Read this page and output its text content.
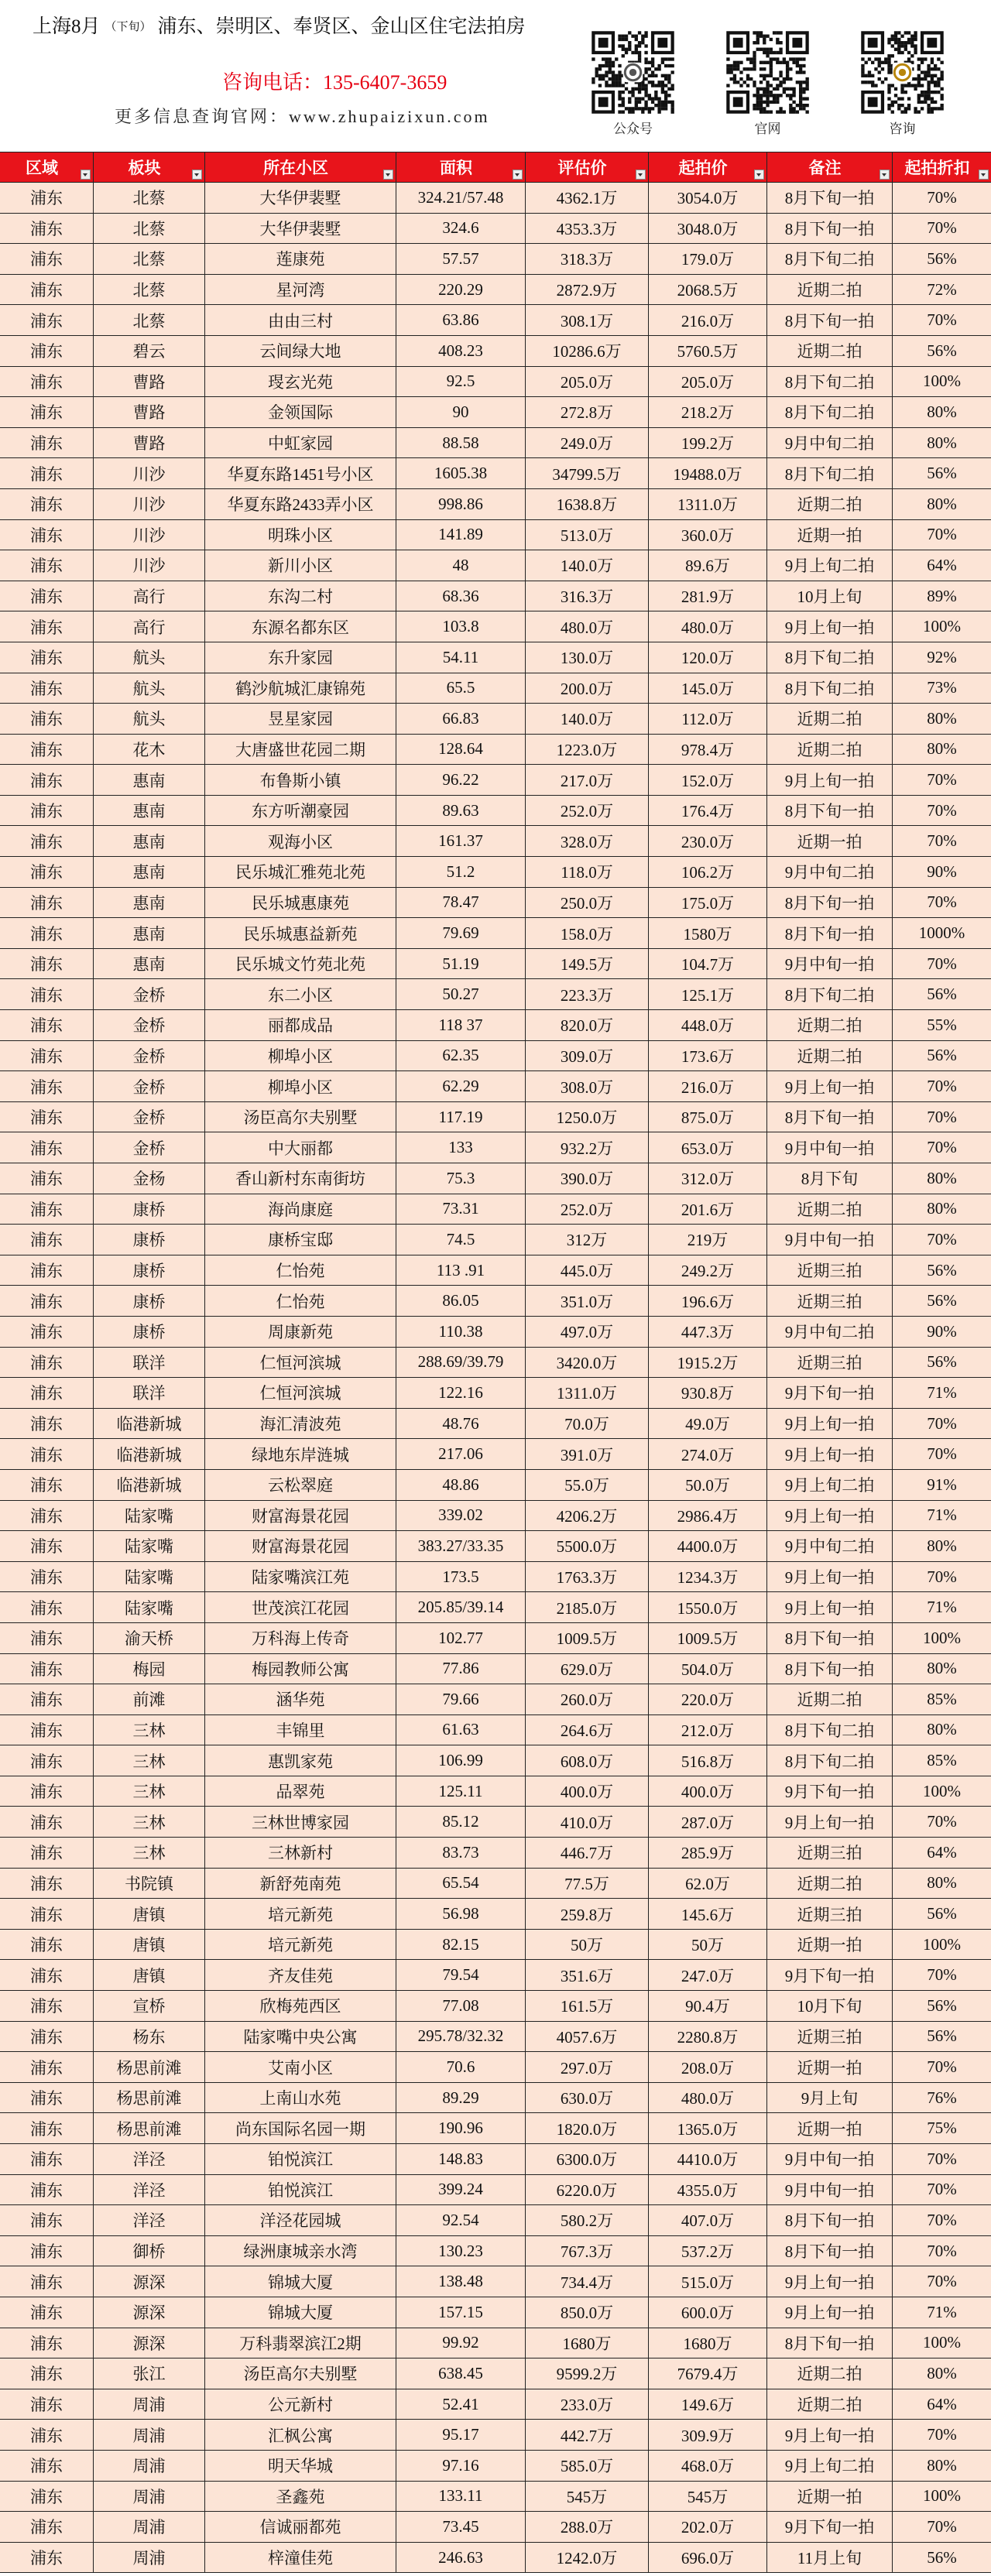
上海8月 （下旬） 浦东、崇明区、奉贤区、金山区住宅法拍房
咨询电话：135-6407-3659
更多信息查询官网：www.zhupaizixun.com
公众号	官网	咨询
区域	板块	所在小区	面积	评估价	起拍价	备注	起拍折扣
浦东	北蔡	大华伊裴墅	324.21/57.48	4362.1万	3054.0万	8月下旬一拍	70%
浦东	北蔡	大华伊裴墅	324.6	4353.3万	3048.0万	8月下旬一拍	70%
浦东	北蔡	莲康苑	57.57	318.3万	179.0万	8月下旬二拍	56%
浦东	北蔡	星河湾	220.29	2872.9万	2068.5万	近期二拍	72%
浦东	北蔡	由由三村	63.86	308.1万	216.0万	8月下旬一拍	70%
浦东	碧云	云间绿大地	408.23	10286.6万	5760.5万	近期二拍	56%
浦东	曹路	琝玄光苑	92.5	205.0万	205.0万	8月下旬二拍	100%
浦东	曹路	金领国际	90	272.8万	218.2万	8月下旬二拍	80%
浦东	曹路	中虹家园	88.58	249.0万	199.2万	9月中旬二拍	80%
浦东	川沙	华夏东路1451号小区	1605.38	34799.5万	19488.0万	8月下旬二拍	56%
浦东	川沙	华夏东路2433弄小区	998.86	1638.8万	1311.0万	近期二拍	80%
浦东	川沙	明珠小区	141.89	513.0万	360.0万	近期一拍	70%
浦东	川沙	新川小区	48	140.0万	89.6万	9月上旬二拍	64%
浦东	高行	东沟二村	68.36	316.3万	281.9万	10月上旬	89%
浦东	高行	东源名都东区	103.8	480.0万	480.0万	9月上旬一拍	100%
浦东	航头	东升家园	54.11	130.0万	120.0万	8月下旬二拍	92%
浦东	航头	鹤沙航城汇康锦苑	65.5	200.0万	145.0万	8月下旬二拍	73%
浦东	航头	昱星家园	66.83	140.0万	112.0万	近期二拍	80%
浦东	花木	大唐盛世花园二期	128.64	1223.0万	978.4万	近期二拍	80%
浦东	惠南	布鲁斯小镇	96.22	217.0万	152.0万	9月上旬一拍	70%
浦东	惠南	东方听潮豪园	89.63	252.0万	176.4万	8月下旬一拍	70%
浦东	惠南	观海小区	161.37	328.0万	230.0万	近期一拍	70%
浦东	惠南	民乐城汇雅苑北苑	51.2	118.0万	106.2万	9月中旬二拍	90%
浦东	惠南	民乐城惠康苑	78.47	250.0万	175.0万	8月下旬一拍	70%
浦东	惠南	民乐城惠益新苑	79.69	158.0万	1580万	8月下旬一拍	1000%
浦东	惠南	民乐城文竹苑北苑	51.19	149.5万	104.7万	9月中旬一拍	70%
浦东	金桥	东二小区	50.27	223.3万	125.1万	8月下旬二拍	56%
浦东	金桥	丽都成品	118 37	820.0万	448.0万	近期二拍	55%
浦东	金桥	柳埠小区	62.35	309.0万	173.6万	近期二拍	56%
浦东	金桥	柳埠小区	62.29	308.0万	216.0万	9月上旬一拍	70%
浦东	金桥	汤臣高尔夫别墅	117.19	1250.0万	875.0万	8月下旬一拍	70%
浦东	金桥	中大丽都	133	932.2万	653.0万	9月中旬一拍	70%
浦东	金杨	香山新村东南街坊	75.3	390.0万	312.0万	8月下旬	80%
浦东	康桥	海尚康庭	73.31	252.0万	201.6万	近期二拍	80%
浦东	康桥	康桥宝邸	74.5	312万	219万	9月中旬一拍	70%
浦东	康桥	仁怡苑	113 .91	445.0万	249.2万	近期三拍	56%
浦东	康桥	仁怡苑	86.05	351.0万	196.6万	近期三拍	56%
浦东	康桥	周康新苑	110.38	497.0万	447.3万	9月中旬二拍	90%
浦东	联洋	仁恒河滨城	288.69/39.79	3420.0万	1915.2万	近期三拍	56%
浦东	联洋	仁恒河滨城	122.16	1311.0万	930.8万	9月下旬一拍	71%
浦东	临港新城	海汇清波苑	48.76	70.0万	49.0万	9月上旬一拍	70%
浦东	临港新城	绿地东岸涟城	217.06	391.0万	274.0万	9月上旬一拍	70%
浦东	临港新城	云松翠庭	48.86	55.0万	50.0万	9月上旬二拍	91%
浦东	陆家嘴	财富海景花园	339.02	4206.2万	2986.4万	9月上旬一拍	71%
浦东	陆家嘴	财富海景花园	383.27/33.35	5500.0万	4400.0万	9月中旬二拍	80%
浦东	陆家嘴	陆家嘴滨江苑	173.5	1763.3万	1234.3万	9月上旬一拍	70%
浦东	陆家嘴	世茂滨江花园	205.85/39.14	2185.0万	1550.0万	9月上旬一拍	71%
浦东	渝天桥	万科海上传奇	102.77	1009.5万	1009.5万	8月下旬一拍	100%
浦东	梅园	梅园教师公寓	77.86	629.0万	504.0万	8月下旬一拍	80%
浦东	前滩	涵华苑	79.66	260.0万	220.0万	近期二拍	85%
浦东	三林	丰锦里	61.63	264.6万	212.0万	8月下旬二拍	80%
浦东	三林	惠凯家苑	106.99	608.0万	516.8万	8月下旬二拍	85%
浦东	三林	品翠苑	125.11	400.0万	400.0万	9月下旬一拍	100%
浦东	三林	三林世博家园	85.12	410.0万	287.0万	9月上旬一拍	70%
浦东	三林	三林新村	83.73	446.7万	285.9万	近期三拍	64%
浦东	书院镇	新舒苑南苑	65.54	77.5万	62.0万	近期二拍	80%
浦东	唐镇	培元新苑	56.98	259.8万	145.6万	近期三拍	56%
浦东	唐镇	培元新苑	82.15	50万	50万	近期一拍	100%
浦东	唐镇	齐友佳苑	79.54	351.6万	247.0万	9月下旬一拍	70%
浦东	宣桥	欣梅苑西区	77.08	161.5万	90.4万	10月下旬	56%
浦东	杨东	陆家嘴中央公寓	295.78/32.32	4057.6万	2280.8万	近期三拍	56%
浦东	杨思前滩	艾南小区	70.6	297.0万	208.0万	近期一拍	70%
浦东	杨思前滩	上南山水苑	89.29	630.0万	480.0万	9月上旬	76%
浦东	杨思前滩	尚东国际名园一期	190.96	1820.0万	1365.0万	近期一拍	75%
浦东	洋泾	铂悦滨江	148.83	6300.0万	4410.0万	9月中旬一拍	70%
浦东	洋泾	铂悦滨江	399.24	6220.0万	4355.0万	9月中旬一拍	70%
浦东	洋泾	洋泾花园城	92.54	580.2万	407.0万	8月下旬一拍	70%
浦东	御桥	绿洲康城亲水湾	130.23	767.3万	537.2万	8月下旬一拍	70%
浦东	源深	锦城大厦	138.48	734.4万	515.0万	9月上旬一拍	70%
浦东	源深	锦城大厦	157.15	850.0万	600.0万	9月上旬一拍	71%
浦东	源深	万科翡翠滨江2期	99.92	1680万	1680万	8月下旬一拍	100%
浦东	张江	汤臣高尔夫别墅	638.45	9599.2万	7679.4万	近期二拍	80%
浦东	周浦	公元新村	52.41	233.0万	149.6万	近期二拍	64%
浦东	周浦	汇枫公寓	95.17	442.7万	309.9万	9月上旬一拍	70%
浦东	周浦	明天华城	97.16	585.0万	468.0万	9月上旬二拍	80%
浦东	周浦	圣鑫苑	133.11	545万	545万	近期一拍	100%
浦东	周浦	信诚丽都苑	73.45	288.0万	202.0万	9月下旬一拍	70%
浦东	周浦	梓潼佳苑	246.63	1242.0万	696.0万	11月上旬	56%
